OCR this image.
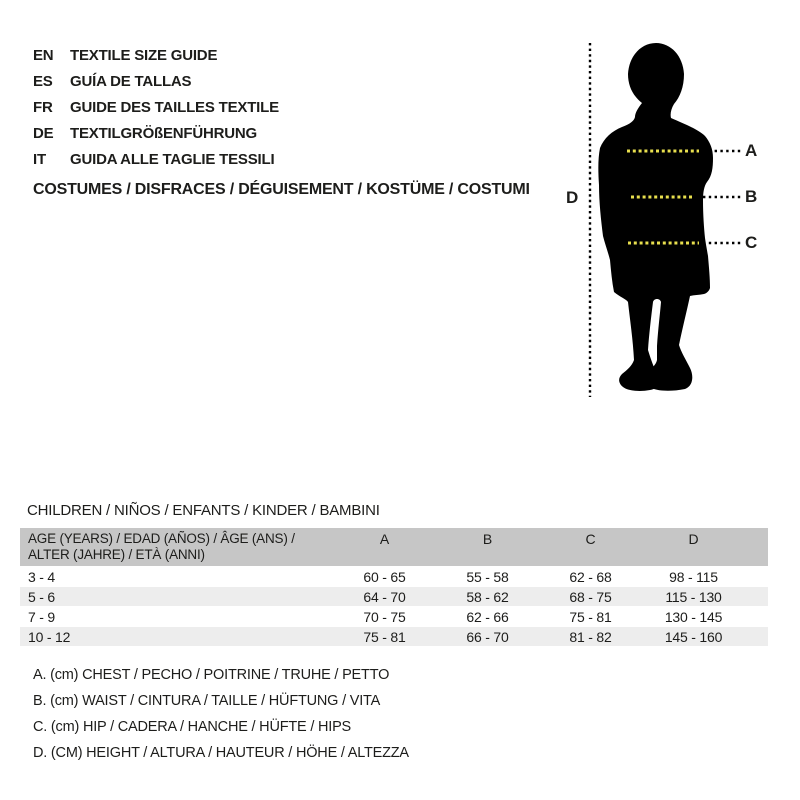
EN	TEXTILE SIZE GUIDE
ES	GUÍA DE TALLAS
FR	GUIDE DES TAILLES TEXTILE
DE	TEXTILGRÖßENFÜHRUNG
IT	GUIDA ALLE TAGLIE TESSILI
COSTUMES / DISFRACES / DÉGUISEMENT / KOSTÜME / COSTUMI	D
A
B
C
CHILDREN / NIÑOS / ENFANTS / KINDER / BAMBINI
AGE (YEARS) / EDAD (AÑOS) / ÂGE (ANS) /
ALTER (JAHRE) / ETÀ (ANNI)
A	B	C	D
3 - 4	60 - 65	55 - 58	62 - 68	98 - 115
5 - 6	64 - 70	58 - 62	68 - 75	115 - 130
7 - 9	70 - 75	62 - 66	75 - 81	130 - 145
10 - 12	75 - 81	66 - 70	81 - 82	145 - 160
A. (cm) CHEST / PECHO / POITRINE / TRUHE / PETTO
B. (cm) WAIST / CINTURA / TAILLE / HÜFTUNG / VITA
C. (cm) HIP / CADERA / HANCHE / HÜFTE / HIPS
D. (CM) HEIGHT / ALTURA / HAUTEUR / HÖHE / ALTEZZA
